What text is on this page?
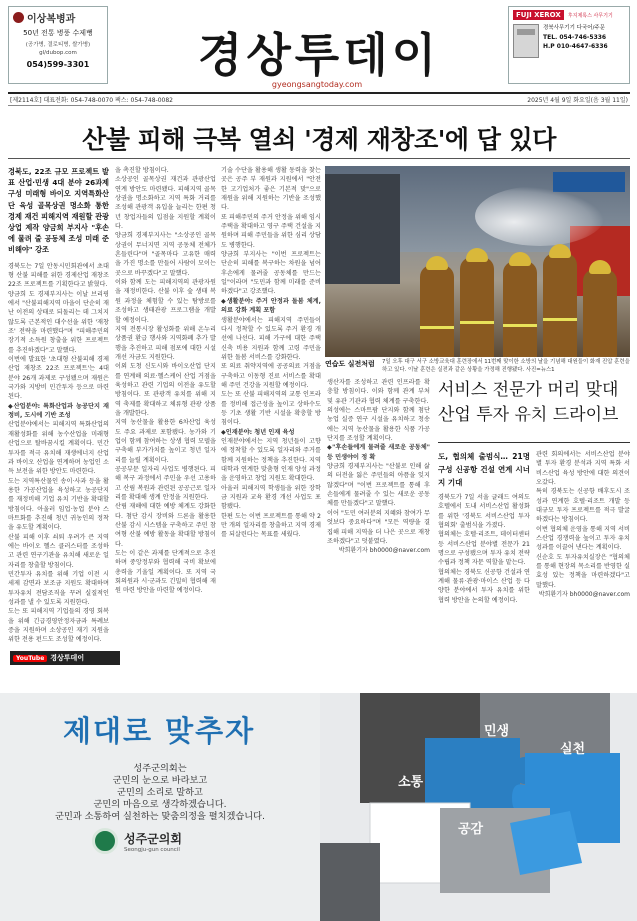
이상복병과
50년 전통 병풍 수제뻥
(공가병, 결로티병, 쌀가병)
gl/dubop.com
054)599-3301	경상투데이
gyeongsangtoday.com
FUJI XEROX	후지제록스 사무기기
경북사무기기 다국어/주문
TEL. 054-746-5336
H.P 010-4647-6336
[제2114호] 대표전화: 054-748-0070 팩스: 054-748-0082	2025년 4월 9일 화요일(음 3월 11일)
산불 피해 극복 열쇠 '경제 재창조'에 답 있다

경북도, 22조 규모 프로젝트 발표 산업·민생 4대 분야 26과제 구성 미래형 바이오 지역특화산단 육성 골목상권 명소화 통한 경제 재건 피해지역 재원할 관광상업 제작 양금희 부지사 "후손에 물려 줄 공동체 조성 미래 준비해야" 강조

경북도는 7일 안동시민회관에서 초대형 산불 피해를 위한 경제산업 재창조 22조 프로젝트를 기획한다고 밝혔다.

양금희 도 경제부지사는 이날 브리핑에서 "산불피해지역 마을이 단순히 재난 이전의 상태로 되돌리는 데 그치지 않도록 근본적인 대수선을 위한 '재창조' 전략을 마련했다"며 "피해주민의 장기적 소득원 창출을 위한 프로젝트를 추진하겠다"고 말했다.

이번에 발표한 '초대형 산불피해 경제산업 재창조 22조 프로젝트'는 4대 분야 26개 과제로 구성됐으며 재원은 국가와 지방비 민간투자 등으로 마련된다.

◆산업분야: 특화산업과 농공단지 재정비, 도시에 기반 조성

산업분야에서는 피해지역 특화산업의 재활성화를 위해 농수산업을 미래형 산업으로 탈바꿈시킬 계획이다. 민간투자를 적극 유치해 재생에너지 산업과 바이오 산업을 연계하며 농업인 소득 보전을 위한 방안도 마련한다.

도는 지역특산물인 송이·사과 등을 활용한 가공산업을 육성하고 농공단지를 재정비해 기업 유치 기반을 확대할 방침이다. 아울러 임업·농업 분야 스마트화를 추진해 청년 귀농인의 정착을 유도할 계획이다.

산불 피해 이후 쇠퇴 우려가 큰 지역에는 바이오 헬스 클러스터를 조성하고 관련 연구기관을 유치해 새로운 일자리를 창출할 방침이다.

민간투자 유치를 위해 기업 이전 시 세제 감면과 보조금 지원도 확대하며 투자유치 전담조직을 꾸려 실질적인 성과를 낼 수 있도록 지원한다.

도는 또 피해지역 기업들의 경영 회복을 위해 긴급경영안정자금과 특례보증을 지원하며 소상공인 재기 지원을 위한 전용 펀드도 조성할 예정이다.

YouTube 경상투데이

을 촉진할 방침이다.

소상공인 골목상권 재건과 관광산업 연계 방안도 마련됐다. 피해지역 골목상권을 명소화하고 지역 특화 거리를 조성해 관광객 유입을 늘리는 한편 청년 창업자들의 입점을 지원할 계획이다.

양금희 경제부지사는 "소상공인 골목상권이 무너지면 지역 공동체 전체가 흔들린다"며 "골목마다 고유한 매력을 가진 명소를 만들어 사람이 모이는 곳으로 바꾸겠다"고 말했다.

이와 함께 도는 피해지역의 관광자원을 재정비한다. 산불 이후 숲 생태 복원 과정을 체험할 수 있는 탐방로를 조성하고 생태관광 프로그램을 개발할 예정이다.

지역 전통시장 활성화를 위해 온누리상품권 환급 행사와 지역화폐 추가 발행을 추진하고 피해 점포에 대한 시설 개선 자금도 지원한다.

이외 도청 신도시와 바이오산업 단지를 연계해 의료·헬스케어 산업 거점을 육성하고 관련 기업의 이전을 유도할 방침이다. 또 관광객 유치를 위해 지역 축제를 확대하고 체류형 관광 상품을 개발한다.

지역 농산물을 활용한 6차산업 육성도 주요 과제로 포함됐다. 농가와 기업이 함께 참여하는 상생 협력 모델을 구축해 부가가치를 높이고 청년 일자리를 늘릴 계획이다.

공공부문 일자리 사업도 병행된다. 피해 복구 과정에서 주민을 우선 고용하고 산림 복원과 관련된 공공근로 일자리를 확대해 생계 안정을 지원한다.

산림 재해에 대한 예방 체계도 강화한다. 첨단 감시 장비와 드론을 활용한 산불 감시 시스템을 구축하고 주민 참여형 산불 예방 활동을 확대할 방침이다.

도는 이 같은 과제를 단계적으로 추진하며 중앙정부와 협력해 국비 확보에 총력을 기울일 계획이다. 또 지역 국회의원과 시·군과도 긴밀히 협력해 재원 마련 방안을 마련할 예정이다.

기술 수단을 활용해 생활 동력을 찾는 곳은 공주 부 재원과 지원에서 "안전한 고기업처가 좋은 기본적 맞"으로 재원을 위해 지원하는 기반을 조성했다.

또 피해주민의 주거 안정을 위해 임시주택을 확대하고 영구 주택 건설을 지원하며 피해 주민들을 위한 심리 상담도 병행한다.

양금희 부지사는 "이번 프로젝트는 단순히 피해를 복구하는 차원을 넘어 후손에게 물려줄 공동체를 만드는 일"이라며 "도민과 함께 미래를 준비하겠다"고 강조했다.

◆생활분야: 주거 안정과 돌봄 체계, 의료 강화 계획 포함

생활분야에서는 피해지역 주민들이 다시 정착할 수 있도록 주거 환경 개선에 나선다. 피해 가구에 대한 주택 신축 비용 지원과 함께 고령 주민을 위한 돌봄 서비스를 강화한다.

또 의료 취약지역에 공공의료 거점을 구축하고 이동형 진료 서비스를 확대해 주민 건강을 지원할 예정이다.

도는 또 산불 피해지역의 교통 인프라를 정비해 접근성을 높이고 상하수도 등 기초 생활 기반 시설을 확충할 방침이다.

◆인재분야: 청년 인재 육성

인재분야에서는 지역 청년들이 고향에 정착할 수 있도록 일자리와 주거를 함께 지원하는 정책을 추진한다. 지역 대학과 연계한 맞춤형 인재 양성 과정을 운영하고 창업 지원도 확대한다.

아울러 피해지역 학생들을 위한 장학금 지원과 교육 환경 개선 사업도 포함됐다.

한편 도는 이번 프로젝트를 통해 약 2만 개의 일자리를 창출하고 지역 경제를 되살린다는 목표를 세웠다.

연습도 실전처럼	7일 오후 대구 서구 소방교육대 훈련장에서 11번째 맞이한 소방의 날을 기념해 대원들이 화재 진압 훈련을 하고 있다. 이날 훈련은 실전과 같은 상황을 가정해 진행됐다. 사진=뉴스1

생산자를 조성하고 관련 인프라를 확충할 방침이다. 이와 함께 관계 부처 및 유관 기관과 협력 체계를 구축한다.

의성에는 스마트팜 단지와 함께 첨단 농업 실증 연구 시설을 유치하고 청송에는 지역 농산물을 활용한 식품 가공단지를 조성할 계획이다.

◆"후손들에게 물려줄 새로운 공동체" 등 민생야이 정 확

양금희 경제부지사는 "산불로 인해 삶의 터전을 잃은 주민들의 아픔을 잊지 않겠다"며 "이번 프로젝트를 통해 후손들에게 물려줄 수 있는 새로운 공동체를 만들겠다"고 말했다.

이어 "도민 여러분의 지혜와 참여가 무엇보다 중요하다"며 "모든 역량을 결집해 피해 지역을 더 나은 곳으로 재창조하겠다"고 덧붙였다.

박희환기자 bh0000@naver.com

서비스 전문가 머리 맞대
산업 투자 유치 드라이브

도, 협의체 출범식… 21명 구성 신공항 건설 연계 시너지 기대

경북도가 7일 서울 글래드 여의도 호텔에서 도내 서비스산업 활성화를 위한 '경북도 서비스산업 투자협의회' 출범식을 가졌다.

협의체는 호텔·리조트, 데이터센터 등 서비스산업 분야별 전문가 21명으로 구성됐으며 투자 유치 전략 수립과 정책 자문 역할을 맡는다.

협의체는 경북도 신공항 건설과 연계해 물류·관광·마이스 산업 등 다양한 분야에서 투자 유치를 위한 협력 방안을 논의할 예정이다.

관련 회의에서는 서비스산업 분야별 투자 환경 분석과 지역 특화 서비스산업 육성 방안에 대한 의견이 오갔다.

특히 경북도는 신공항 배후도시 조성과 연계한 호텔·리조트 개발 등 대규모 투자 프로젝트를 적극 발굴하겠다는 방침이다.

이번 협의체 운영을 통해 지역 서비스산업 경쟁력을 높이고 투자 유치 성과를 이끌어 낸다는 계획이다.

신순호 도 투자유치실장은 "협의체를 통해 현장의 목소리를 반영한 실효성 있는 정책을 마련하겠다"고 말했다.

박희환기자 bh0000@naver.com

제대로 맞추자
성주군의회는
군민의 눈으로 바라보고
군민의 소리로 말하고
군민의 마음으로 생각하겠습니다.
군민과 소통하여 실천하는 맞춤의정을 펼치겠습니다.
성주군의회
Seongju-gun council
민생
실천
소통
공감
